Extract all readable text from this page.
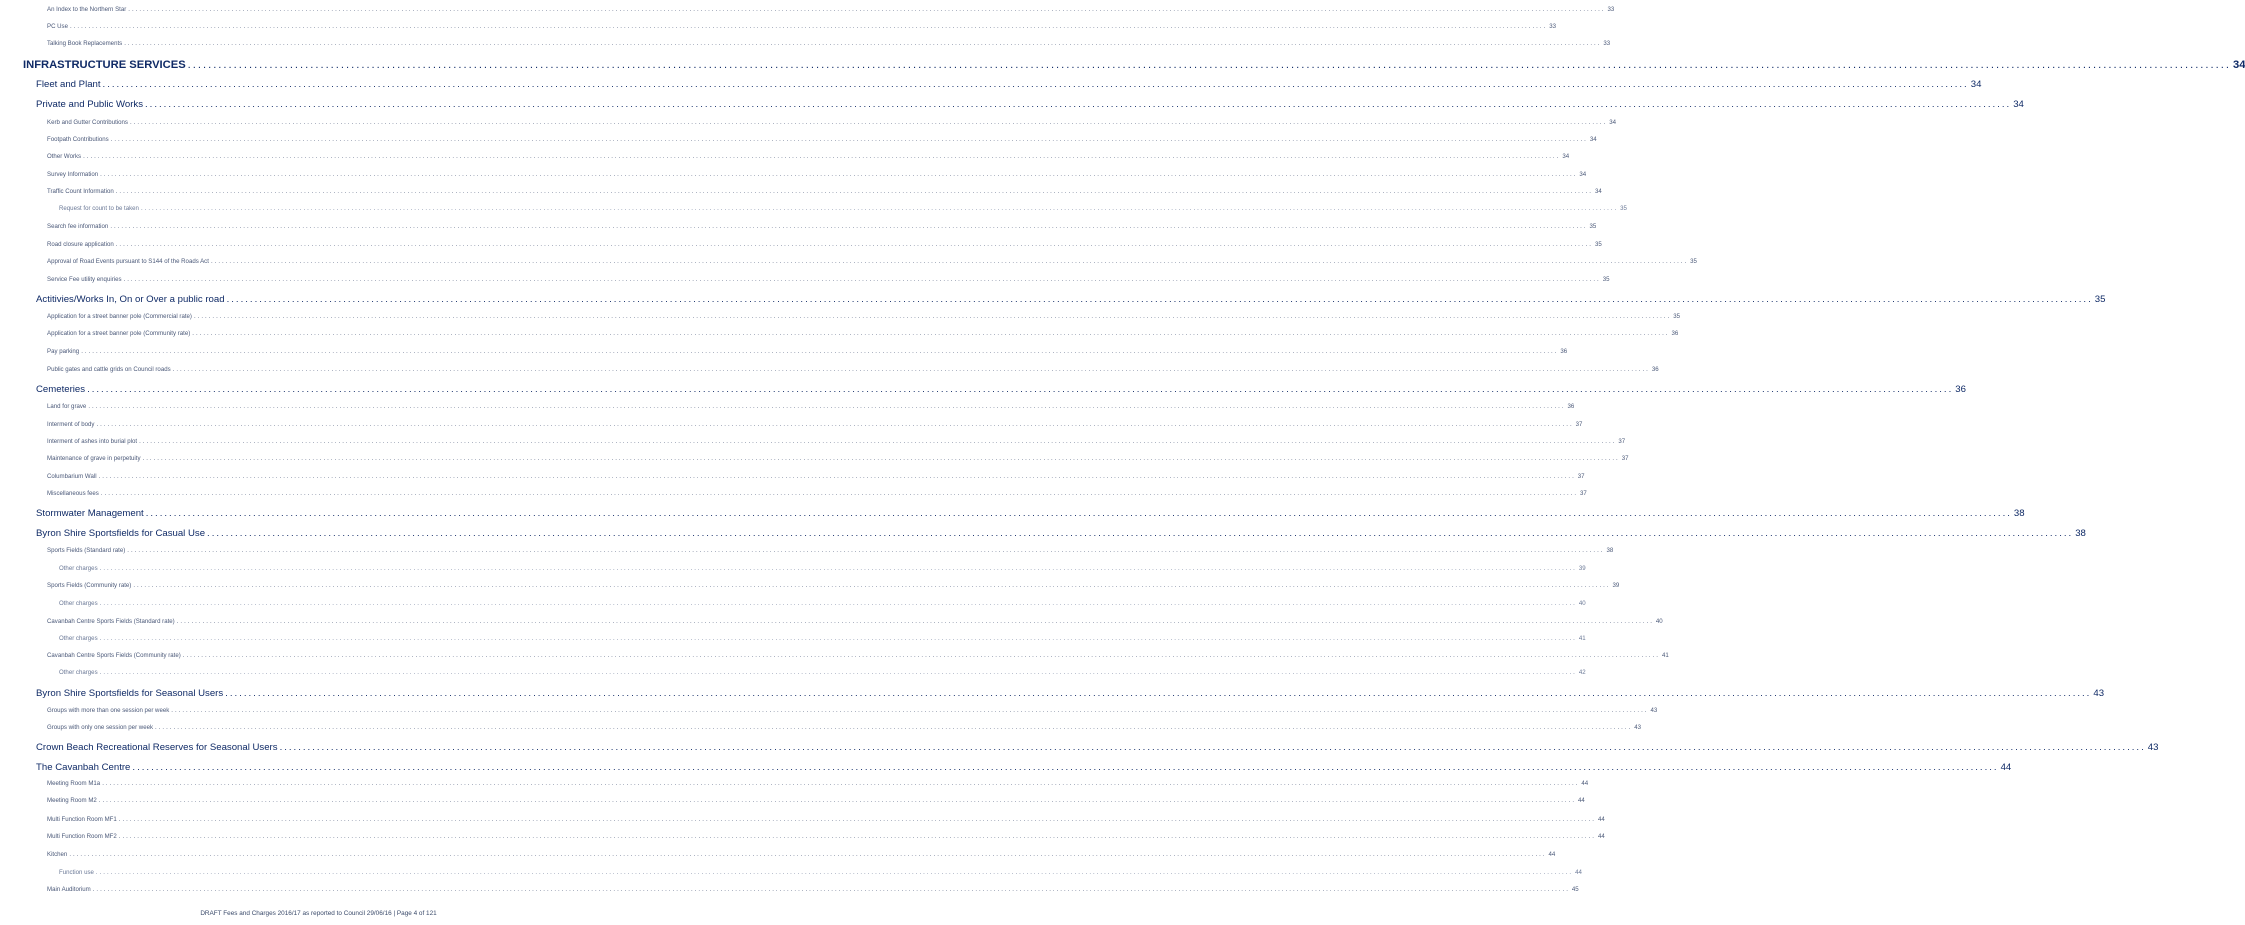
An Index to the Northern Star ................................................................................................................................................................................................................................................................................................................................................................................................................ 33
PC Use ................................................................................................................................................................................................................................................................................................................................................................................................................ 33
Talking Book Replacements ................................................................................................................................................................................................................................................................................................................................................................................................................ 33
INFRASTRUCTURE SERVICES ................................................................................................................................................................................................................................................................................................................................................................................................................ 34
Fleet and Plant ................................................................................................................................................................................................................................................................................................................................................................................................................ 34
Private and Public Works ................................................................................................................................................................................................................................................................................................................................................................................................................ 34
Kerb and Gutter Contributions ................................................................................................................................................................................................................................................................................................................................................................................................................ 34
Footpath Contributions ................................................................................................................................................................................................................................................................................................................................................................................................................ 34
Other Works ................................................................................................................................................................................................................................................................................................................................................................................................................ 34
Survey Information ................................................................................................................................................................................................................................................................................................................................................................................................................ 34
Traffic Count Information ................................................................................................................................................................................................................................................................................................................................................................................................................ 34
Request for count to be taken ................................................................................................................................................................................................................................................................................................................................................................................................................ 35
Search fee information ................................................................................................................................................................................................................................................................................................................................................................................................................ 35
Road closure application ................................................................................................................................................................................................................................................................................................................................................................................................................ 35
Approval of Road Events pursuant to S144 of the Roads Act ................................................................................................................................................................................................................................................................................................................................................................................................................ 35
Service Fee utility enquiries ................................................................................................................................................................................................................................................................................................................................................................................................................ 35
Actitivies/Works In, On or Over a public road ................................................................................................................................................................................................................................................................................................................................................................................................................ 35
Application for a street banner pole (Commercial rate) ................................................................................................................................................................................................................................................................................................................................................................................................................ 35
Application for a street banner pole (Community rate) ................................................................................................................................................................................................................................................................................................................................................................................................................ 36
Pay parking ................................................................................................................................................................................................................................................................................................................................................................................................................ 36
Public gates and cattle grids on Council roads ................................................................................................................................................................................................................................................................................................................................................................................................................ 36
Cemeteries ................................................................................................................................................................................................................................................................................................................................................................................................................ 36
Land for grave ................................................................................................................................................................................................................................................................................................................................................................................................................ 36
Interment of body ................................................................................................................................................................................................................................................................................................................................................................................................................ 37
Interment of ashes into burial plot ................................................................................................................................................................................................................................................................................................................................................................................................................ 37
Maintenance of grave in perpetuity ................................................................................................................................................................................................................................................................................................................................................................................................................ 37
Columbarium Wall ................................................................................................................................................................................................................................................................................................................................................................................................................ 37
Miscellaneous fees ................................................................................................................................................................................................................................................................................................................................................................................................................ 37
Stormwater Management ................................................................................................................................................................................................................................................................................................................................................................................................................ 38
Byron Shire Sportsfields for Casual Use ................................................................................................................................................................................................................................................................................................................................................................................................................ 38
Sports Fields (Standard rate) ................................................................................................................................................................................................................................................................................................................................................................................................................ 38
Other charges ................................................................................................................................................................................................................................................................................................................................................................................................................ 39
Sports Fields (Community rate) ................................................................................................................................................................................................................................................................................................................................................................................................................ 39
Other charges ................................................................................................................................................................................................................................................................................................................................................................................................................ 40
Cavanbah Centre Sports Fields (Standard rate) ................................................................................................................................................................................................................................................................................................................................................................................................................ 40
Other charges ................................................................................................................................................................................................................................................................................................................................................................................................................ 41
Cavanbah Centre Sports Fields (Community rate) ................................................................................................................................................................................................................................................................................................................................................................................................................ 41
Other charges ................................................................................................................................................................................................................................................................................................................................................................................................................ 42
Byron Shire Sportsfields for Seasonal Users ................................................................................................................................................................................................................................................................................................................................................................................................................ 43
Groups with more than one session per week ................................................................................................................................................................................................................................................................................................................................................................................................................ 43
Groups with only one session per week ................................................................................................................................................................................................................................................................................................................................................................................................................ 43
Crown Beach Recreational Reserves for Seasonal Users ................................................................................................................................................................................................................................................................................................................................................................................................................ 43
The Cavanbah Centre ................................................................................................................................................................................................................................................................................................................................................................................................................ 44
Meeting Room M1a ................................................................................................................................................................................................................................................................................................................................................................................................................ 44
Meeting Room M2 ................................................................................................................................................................................................................................................................................................................................................................................................................ 44
Multi Function Room MF1 ................................................................................................................................................................................................................................................................................................................................................................................................................ 44
Multi Function Room MF2 ................................................................................................................................................................................................................................................................................................................................................................................................................ 44
Kitchen ................................................................................................................................................................................................................................................................................................................................................................................................................ 44
Function use ................................................................................................................................................................................................................................................................................................................................................................................................................ 44
Main Auditorium ................................................................................................................................................................................................................................................................................................................................................................................................................ 45
DRAFT Fees and Charges 2016/17 as reported to Council 29/06/16 | Page 4 of 121
